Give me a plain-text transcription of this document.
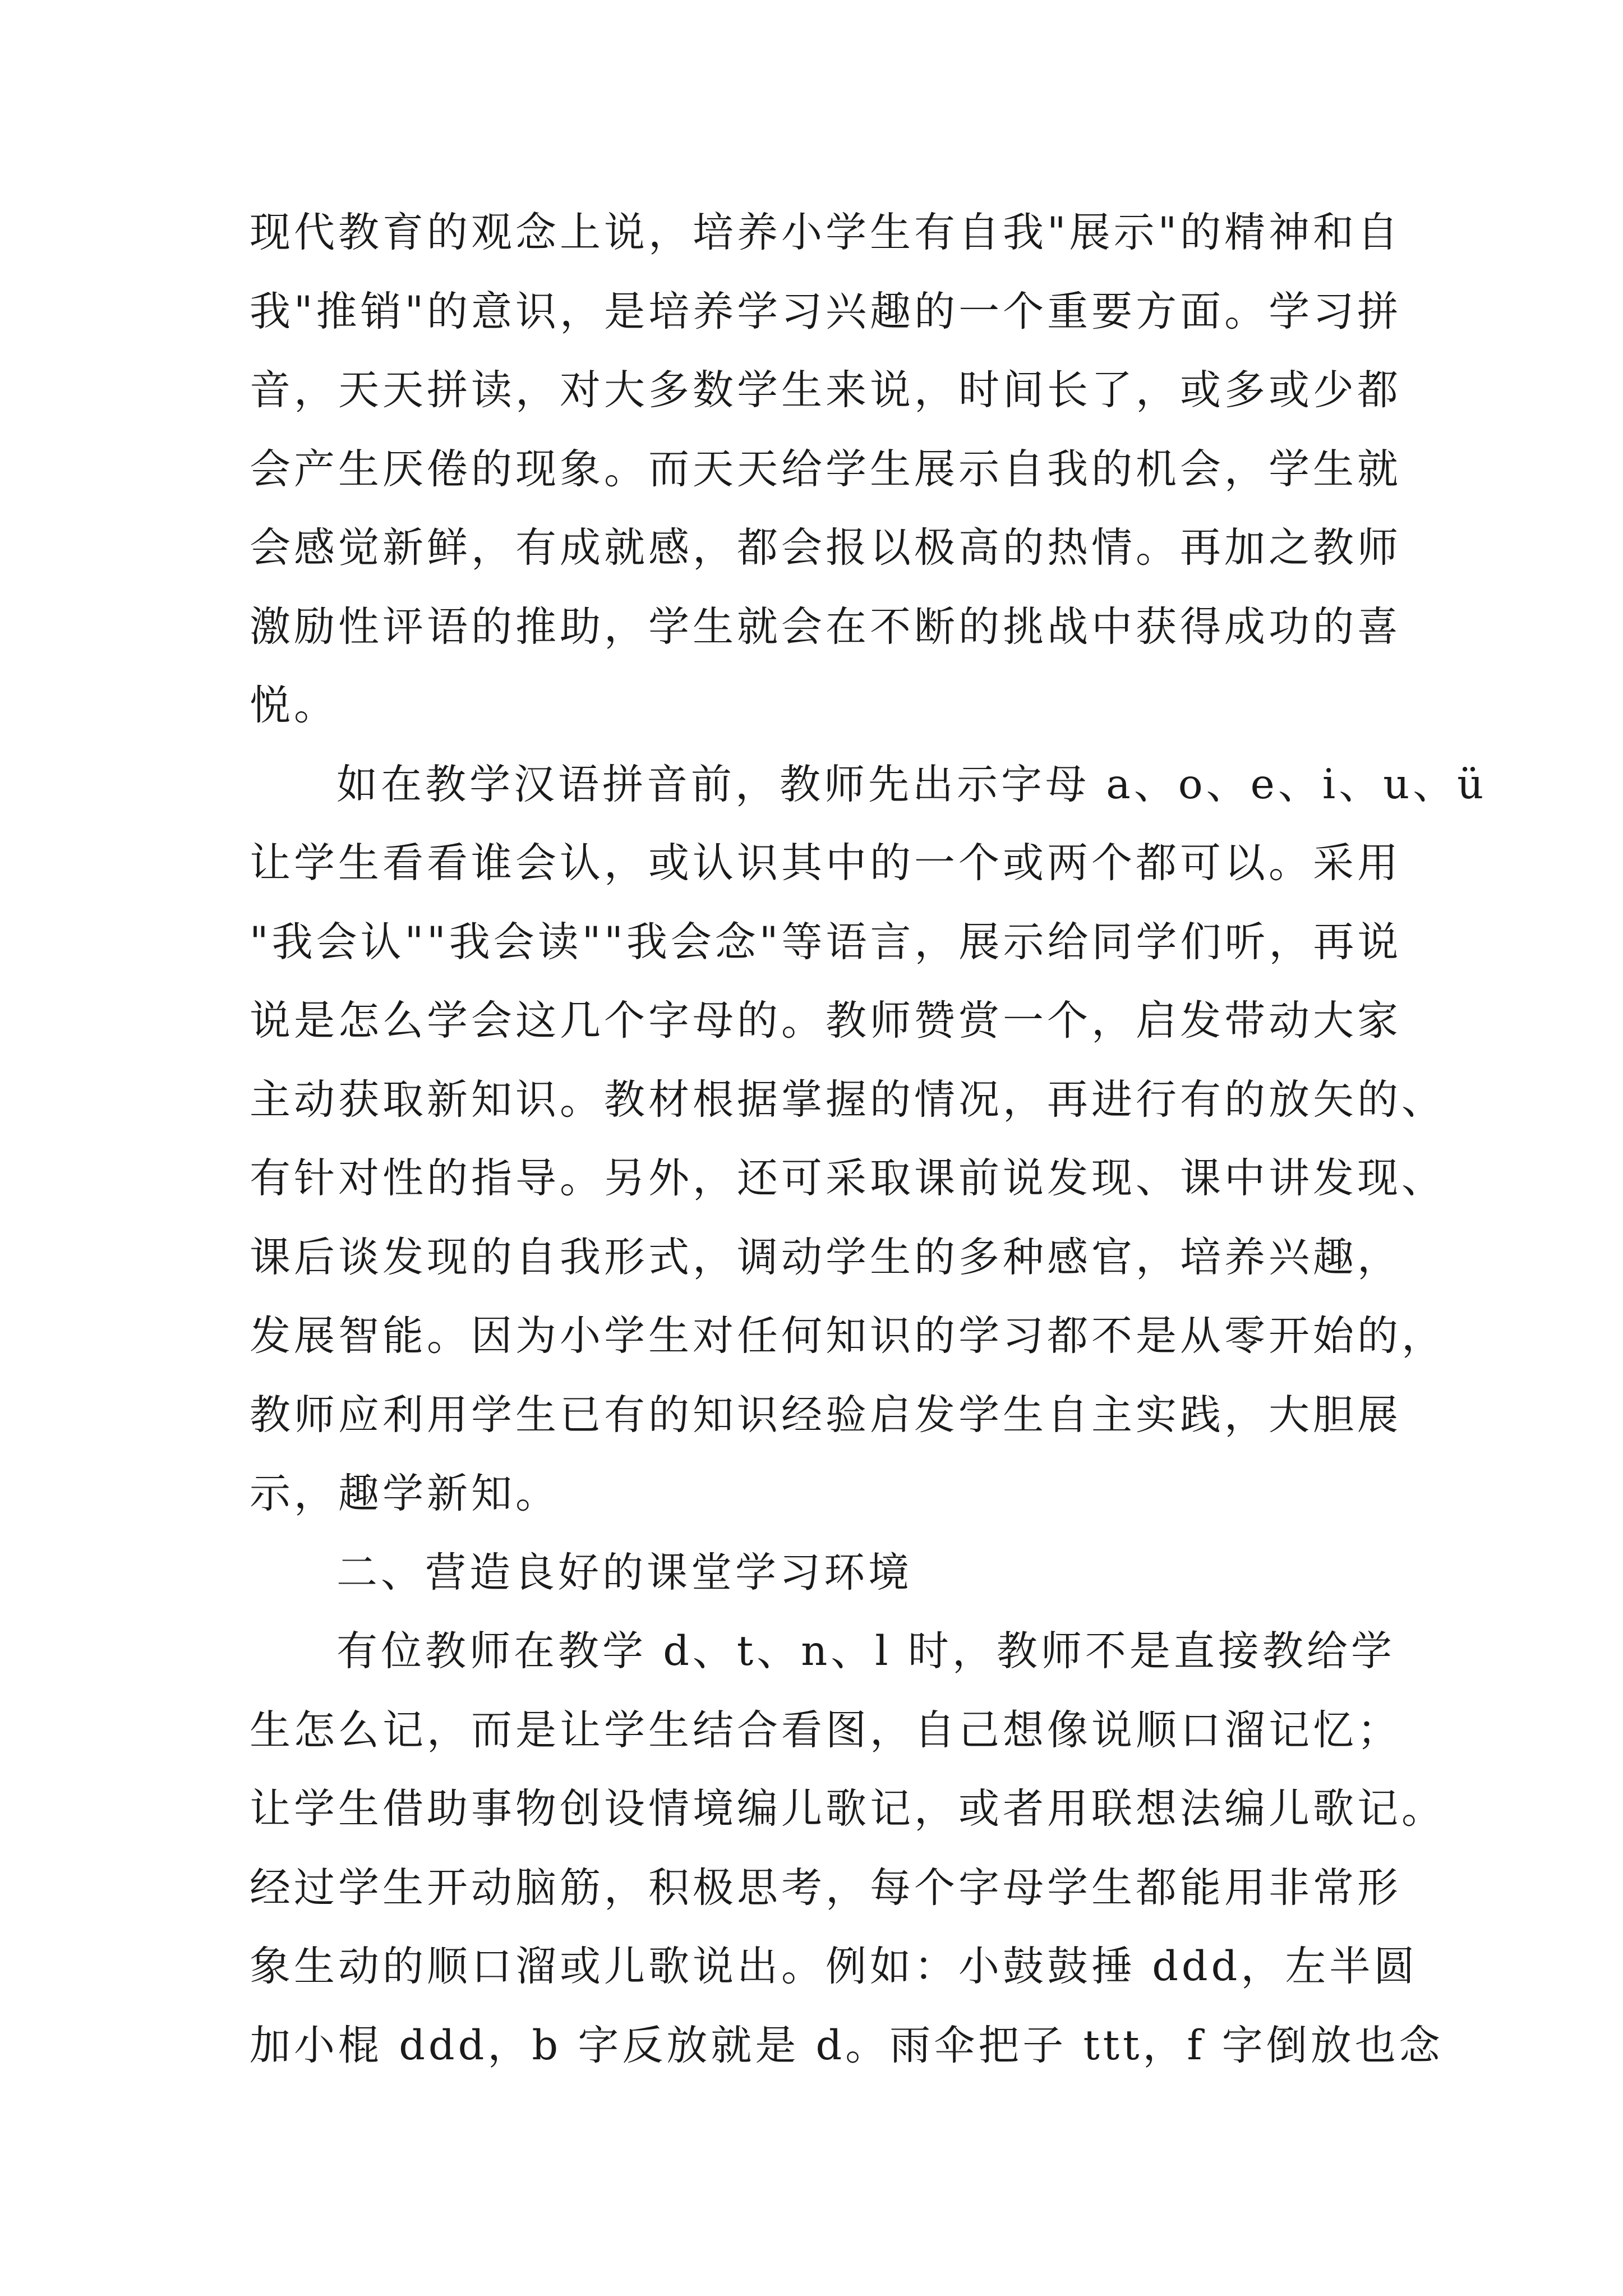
现代教育的观念上说，培养小学生有自我"展示"的精神和自
我"推销"的意识，是培养学习兴趣的一个重要方面。学习拼
音，天天拼读，对大多数学生来说，时间长了，或多或少都
会产生厌倦的现象。而天天给学生展示自我的机会，学生就
会感觉新鲜，有成就感，都会报以极高的热情。再加之教师
激励性评语的推助，学生就会在不断的挑战中获得成功的喜
悦。
如在教学汉语拼音前，教师先出示字母 a、o、e、i、u、ü
让学生看看谁会认，或认识其中的一个或两个都可以。采用
"我会认""我会读""我会念"等语言，展示给同学们听，再说
说是怎么学会这几个字母的。教师赞赏一个，启发带动大家
主动获取新知识。教材根据掌握的情况，再进行有的放矢的、
有针对性的指导。另外，还可采取课前说发现、课中讲发现、
课后谈发现的自我形式，调动学生的多种感官，培养兴趣，
发展智能。因为小学生对任何知识的学习都不是从零开始的，
教师应利用学生已有的知识经验启发学生自主实践，大胆展
示，趣学新知。
二、营造良好的课堂学习环境
有位教师在教学 d、t、n、l 时，教师不是直接教给学
生怎么记，而是让学生结合看图，自己想像说顺口溜记忆；
让学生借助事物创设情境编儿歌记，或者用联想法编儿歌记。
经过学生开动脑筋，积极思考，每个字母学生都能用非常形
象生动的顺口溜或儿歌说出。例如：小鼓鼓捶 ddd，左半圆
加小棍 ddd，b 字反放就是 d。雨伞把子 ttt，f 字倒放也念
